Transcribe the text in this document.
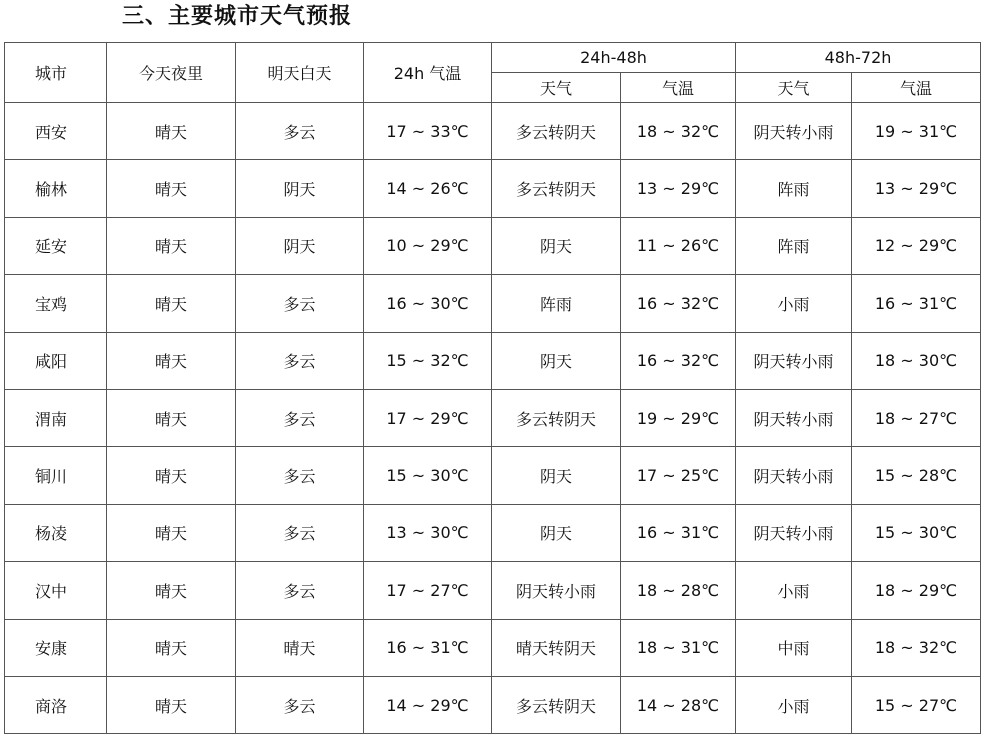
三、主要城市天气预报
城市	今天夜里	明天白天	24h 气温	24h-48h		48h-72h	
				天气	气温	天气	气温
西安	晴天	多云	17 ~ 33℃	多云转阴天	18 ~ 32℃	阴天转小雨	19 ~ 31℃
榆林	晴天	阴天	14 ~ 26℃	多云转阴天	13 ~ 29℃	阵雨	13 ~ 29℃
延安	晴天	阴天	10 ~ 29℃	阴天	11 ~ 26℃	阵雨	12 ~ 29℃
宝鸡	晴天	多云	16 ~ 30℃	阵雨	16 ~ 32℃	小雨	16 ~ 31℃
咸阳	晴天	多云	15 ~ 32℃	阴天	16 ~ 32℃	阴天转小雨	18 ~ 30℃
渭南	晴天	多云	17 ~ 29℃	多云转阴天	19 ~ 29℃	阴天转小雨	18 ~ 27℃
铜川	晴天	多云	15 ~ 30℃	阴天	17 ~ 25℃	阴天转小雨	15 ~ 28℃
杨凌	晴天	多云	13 ~ 30℃	阴天	16 ~ 31℃	阴天转小雨	15 ~ 30℃
汉中	晴天	多云	17 ~ 27℃	阴天转小雨	18 ~ 28℃	小雨	18 ~ 29℃
安康	晴天	晴天	16 ~ 31℃	晴天转阴天	18 ~ 31℃	中雨	18 ~ 32℃
商洛	晴天	多云	14 ~ 29℃	多云转阴天	14 ~ 28℃	小雨	15 ~ 27℃
